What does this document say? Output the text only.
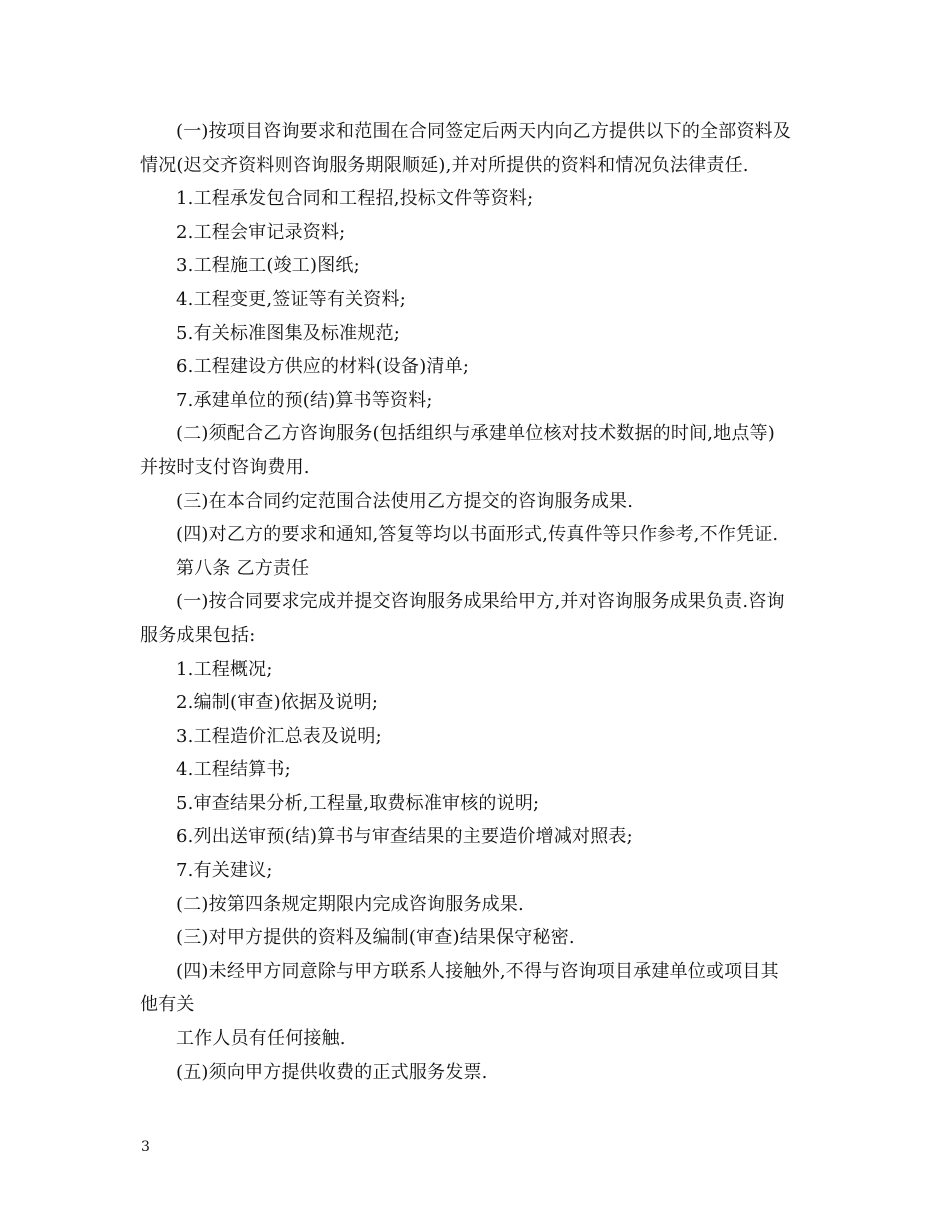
(一)按项目咨询要求和范围在合同签定后两天内向乙方提供以下的全部资料及
情况(迟交齐资料则咨询服务期限顺延),并对所提供的资料和情况负法律责任.
1.工程承发包合同和工程招,投标文件等资料;
2.工程会审记录资料;
3.工程施工(竣工)图纸;
4.工程变更,签证等有关资料;
5.有关标准图集及标准规范;
6.工程建设方供应的材料(设备)清单;
7.承建单位的预(结)算书等资料;
(二)须配合乙方咨询服务(包括组织与承建单位核对技术数据的时间,地点等)
并按时支付咨询费用.
(三)在本合同约定范围合法使用乙方提交的咨询服务成果.
(四)对乙方的要求和通知,答复等均以书面形式,传真件等只作参考,不作凭证.
第八条 乙方责任
(一)按合同要求完成并提交咨询服务成果给甲方,并对咨询服务成果负责.咨询
服务成果包括:
1.工程概况;
2.编制(审查)依据及说明;
3.工程造价汇总表及说明;
4.工程结算书;
5.审查结果分析,工程量,取费标准审核的说明;
6.列出送审预(结)算书与审查结果的主要造价增减对照表;
7.有关建议;
(二)按第四条规定期限内完成咨询服务成果.
(三)对甲方提供的资料及编制(审查)结果保守秘密.
(四)未经甲方同意除与甲方联系人接触外,不得与咨询项目承建单位或项目其
他有关
工作人员有任何接触.
(五)须向甲方提供收费的正式服务发票.
3
